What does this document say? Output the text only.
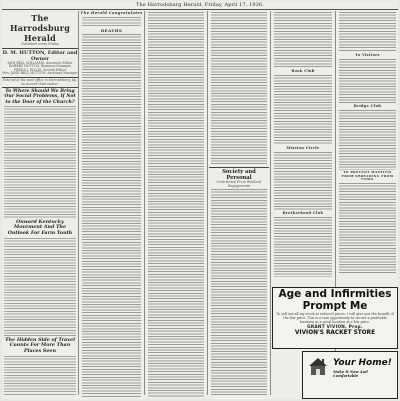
The Harrodsburg Herald, Friday, April 17, 1936.
The Harrodsburg Herald
Published every Friday
D. M. HUTTON, Editor and Owner
ANN BELL WILLIAMS, Associate Editor
ROBERT HUTTON, Business Manager
FREDA J. GILLIS, Society Editor
Mrs. JANE BELL HUTTON, Assistant Manager
Entered at the post-office in Harrodsburg, Ky., as second-class matter.
To Where Should We Bring Our Social Problems, If Not to the Door of the Church?
Onward Kentucky Movement And The Outlook For Farm Youth
The Hidden Side of Travel Counts For More Than Places Seen
The Herald Congratulates
DEATHS
Society and Personal
Contributed From Weekend Engagements
Book Club
Mission Circle
Brotherhood Club
To Visitors
Bridge Club
TO PREVENT MASTITIS FROM SPREADING FROM COWS
Age and Infirmities
Prompt Me
To sell out all my stock at reduced prices. I will give you the benefit of the low price. This is a rare opportunity to secure a profitable business in a good location at a low price.
GRANT VIVION, Prop.
VIVION'S RACKET STORE
Your Home!
Make It New And
Comfortable
